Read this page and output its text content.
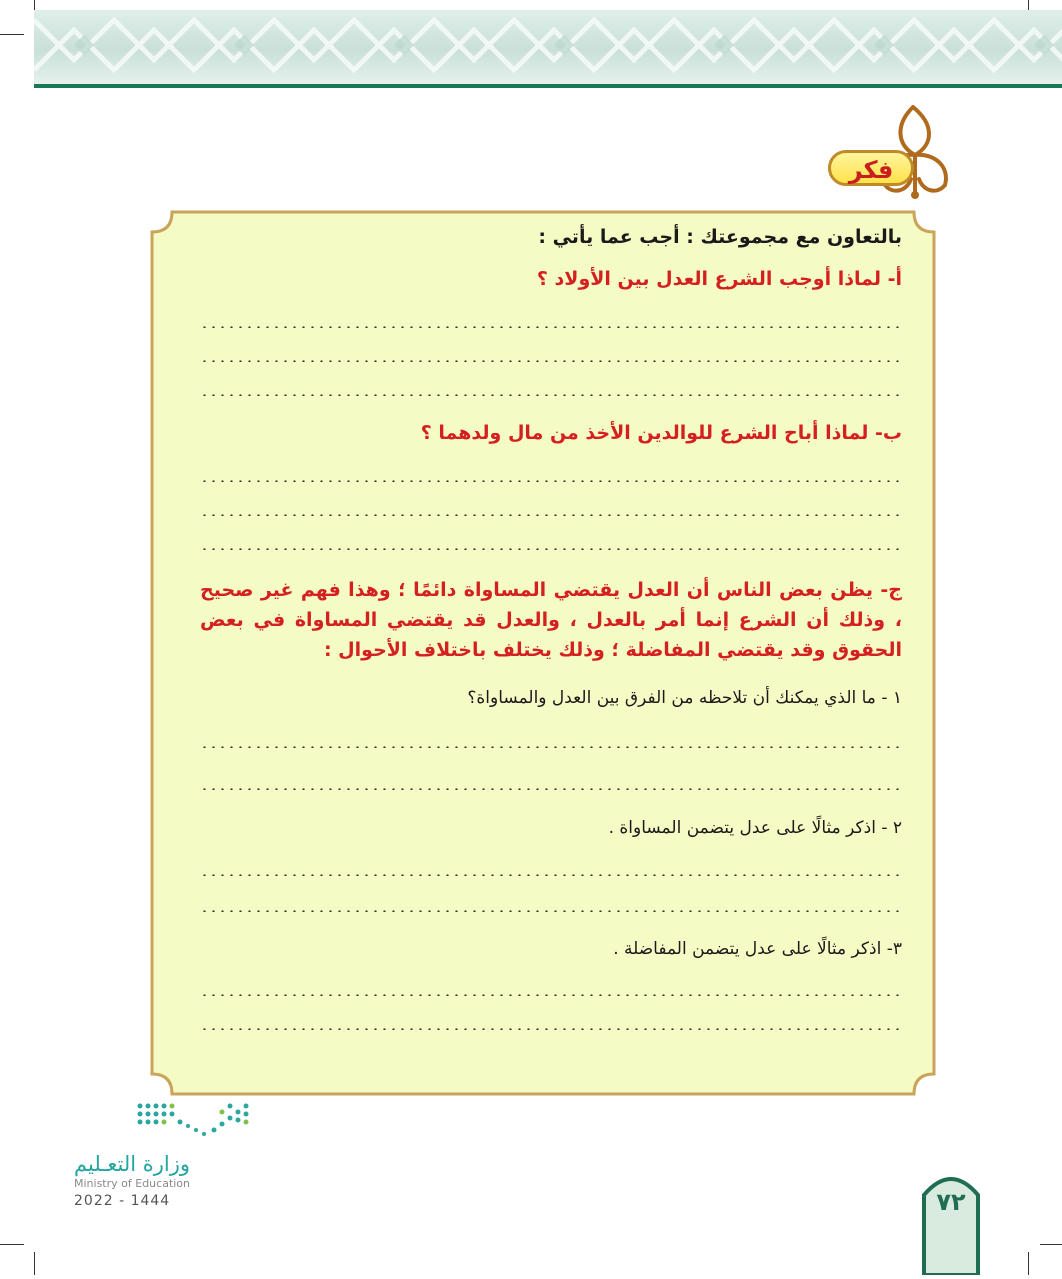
فكر
بالتعاون مع مجموعتك : أجب عما يأتي :
أ- لماذا أوجب الشرع العدل بين الأولاد ؟
ب- لماذا أباح الشرع للوالدين الأخذ من مال ولدهما ؟
ج- يظن بعض الناس أن العدل يقتضي المساواة دائمًا ؛ وهذا فهم غير صحيح ، وذلك أن الشرع إنما أمر بالعدل ، والعدل قد يقتضي المساواة في بعض الحقوق وقد يقتضي المفاضلة ؛ وذلك يختلف باختلاف الأحوال :
١ - ما الذي يمكنك أن تلاحظه من الفرق بين العدل والمساواة؟
٢ - اذكر مثالًا على عدل يتضمن المساواة .
٣- اذكر مثالًا على عدل يتضمن المفاضلة .
وزارة التعـليم
Ministry of Education
2022 - 1444	٧٢
